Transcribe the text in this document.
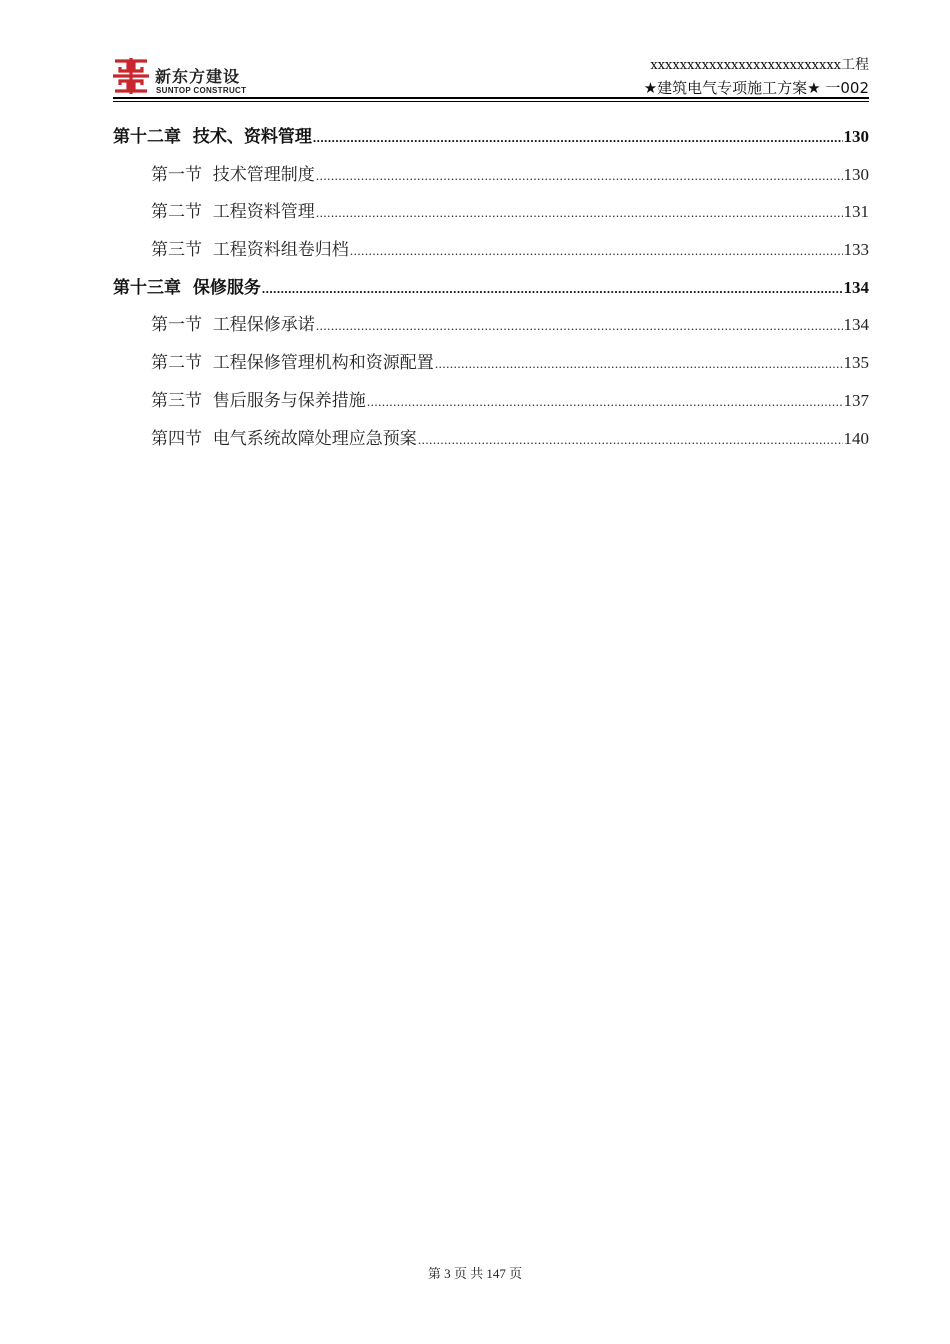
新东方建设
SUNTOP CONSTRUCT
xxxxxxxxxxxxxxxxxxxxxxxxxx工程
★建筑电气专项施工方案★ 一002
第十二章  技术、资料管理 .....	130
第一节  技术管理制度 .....	130
第二节  工程资料管理 .....	131
第三节  工程资料组卷归档 .....	133
第十三章  保修服务 .....	134
第一节  工程保修承诺 .....	134
第二节  工程保修管理机构和资源配置 .....	135
第三节  售后服务与保养措施 .....	137
第四节  电气系统故障处理应急预案 .....	140
第 3 页 共 147 页
